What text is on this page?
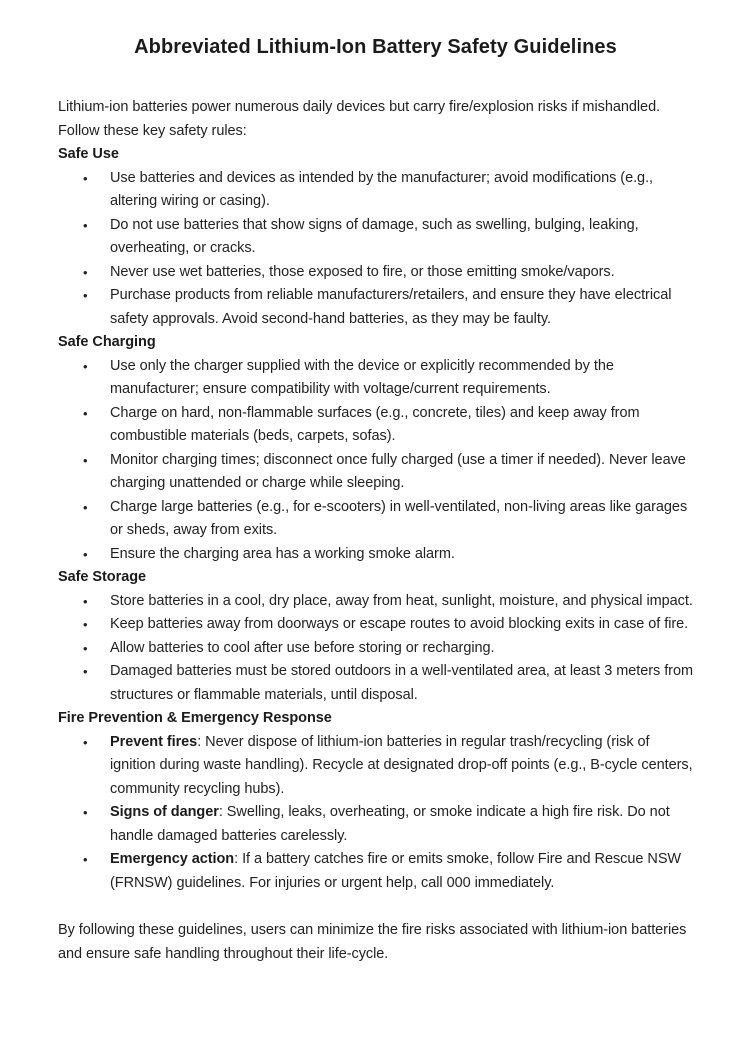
Abbreviated Lithium-Ion Battery Safety Guidelines

Lithium-ion batteries power numerous daily devices but carry fire/explosion risks if mishandled. Follow these key safety rules:

Safe Use
•	Use batteries and devices as intended by the manufacturer; avoid modifications (e.g., altering wiring or casing).
•	Do not use batteries that show signs of damage, such as swelling, bulging, leaking, overheating, or cracks.
•	Never use wet batteries, those exposed to fire, or those emitting smoke/vapors.
•	Purchase products from reliable manufacturers/retailers, and ensure they have electrical safety approvals. Avoid second-hand batteries, as they may be faulty.
Safe Charging
•	Use only the charger supplied with the device or explicitly recommended by the manufacturer; ensure compatibility with voltage/current requirements.
•	Charge on hard, non-flammable surfaces (e.g., concrete, tiles) and keep away from combustible materials (beds, carpets, sofas).
•	Monitor charging times; disconnect once fully charged (use a timer if needed). Never leave charging unattended or charge while sleeping.
•	Charge large batteries (e.g., for e-scooters) in well-ventilated, non-living areas like garages or sheds, away from exits.
•	Ensure the charging area has a working smoke alarm.
Safe Storage
•	Store batteries in a cool, dry place, away from heat, sunlight, moisture, and physical impact.
•	Keep batteries away from doorways or escape routes to avoid blocking exits in case of fire.
•	Allow batteries to cool after use before storing or recharging.
•	Damaged batteries must be stored outdoors in a well-ventilated area, at least 3 meters from structures or flammable materials, until disposal.
Fire Prevention & Emergency Response
•	Prevent fires: Never dispose of lithium-ion batteries in regular trash/recycling (risk of ignition during waste handling). Recycle at designated drop-off points (e.g., B-cycle centers, community recycling hubs).
•	Signs of danger: Swelling, leaks, overheating, or smoke indicate a high fire risk. Do not handle damaged batteries carelessly.
•	Emergency action: If a battery catches fire or emits smoke, follow Fire and Rescue NSW (FRNSW) guidelines. For injuries or urgent help, call 000 immediately.

By following these guidelines, users can minimize the fire risks associated with lithium-ion batteries and ensure safe handling throughout their life-cycle.
